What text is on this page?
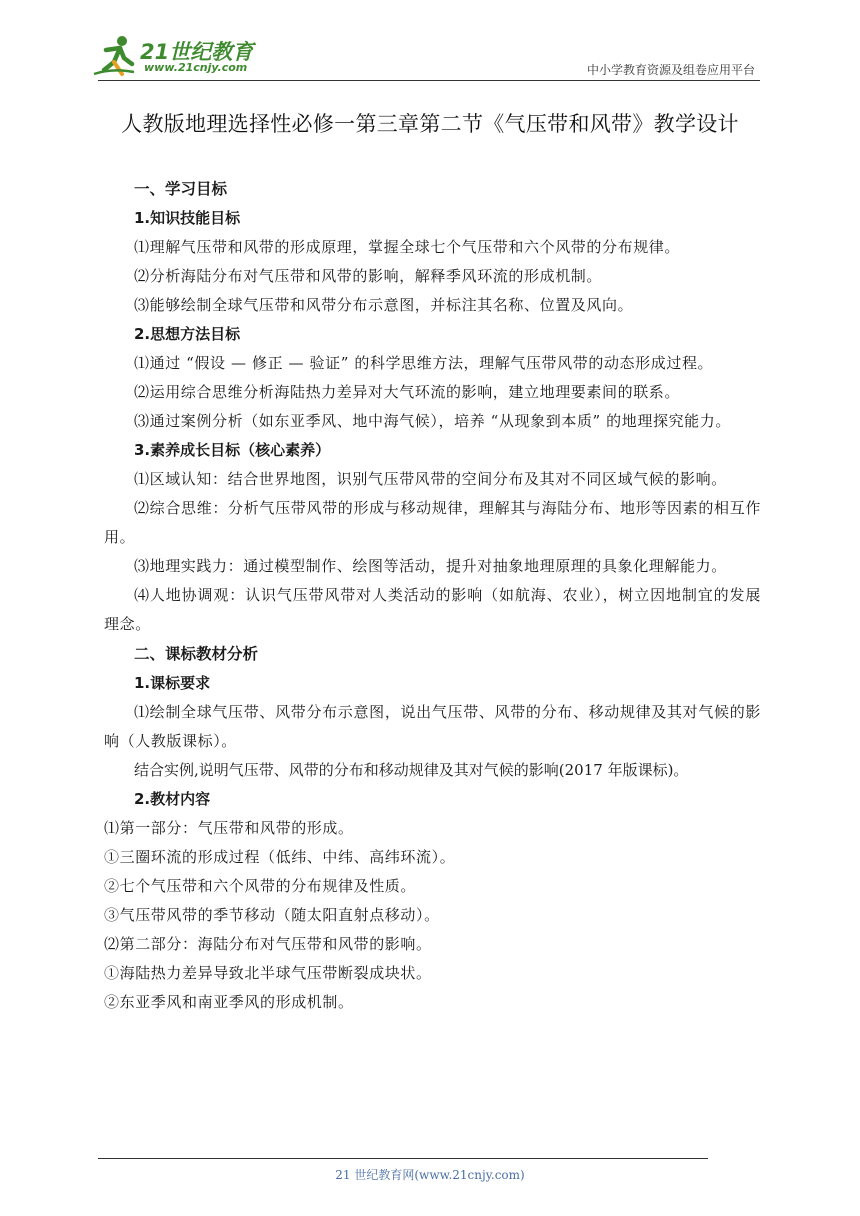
21世纪教育
www.21cnjy.com	中小学教育资源及组卷应用平台
人教版地理选择性必修一第三章第二节《气压带和风带》教学设计
一、学习目标
1.知识技能目标
⑴理解气压带和风带的形成原理，掌握全球七个气压带和六个风带的分布规律。
⑵分析海陆分布对气压带和风带的影响，解释季风环流的形成机制。
⑶能够绘制全球气压带和风带分布示意图，并标注其名称、位置及风向。
2.思想方法目标
⑴通过 “假设 — 修正 — 验证” 的科学思维方法，理解气压带风带的动态形成过程。
⑵运用综合思维分析海陆热力差异对大气环流的影响，建立地理要素间的联系。
⑶通过案例分析（如东亚季风、地中海气候），培养 “从现象到本质” 的地理探究能力。
3.素养成长目标（核心素养）
⑴区域认知：结合世界地图，识别气压带风带的空间分布及其对不同区域气候的影响。
⑵综合思维：分析气压带风带的形成与移动规律，理解其与海陆分布、地形等因素的相互作用。
⑶地理实践力：通过模型制作、绘图等活动，提升对抽象地理原理的具象化理解能力。
⑷人地协调观：认识气压带风带对人类活动的影响（如航海、农业），树立因地制宜的发展理念。
二、课标教材分析
1.课标要求
⑴绘制全球气压带、风带分布示意图，说出气压带、风带的分布、移动规律及其对气候的影响（人教版课标）。
结合实例,说明气压带、风带的分布和移动规律及其对气候的影响(2017 年版课标)。
2.教材内容
⑴第一部分：气压带和风带的形成。
①三圈环流的形成过程（低纬、中纬、高纬环流）。
②七个气压带和六个风带的分布规律及性质。
③气压带风带的季节移动（随太阳直射点移动）。
⑵第二部分：海陆分布对气压带和风带的影响。
①海陆热力差异导致北半球气压带断裂成块状。
②东亚季风和南亚季风的形成机制。
21 世纪教育网(www.21cnjy.com)
